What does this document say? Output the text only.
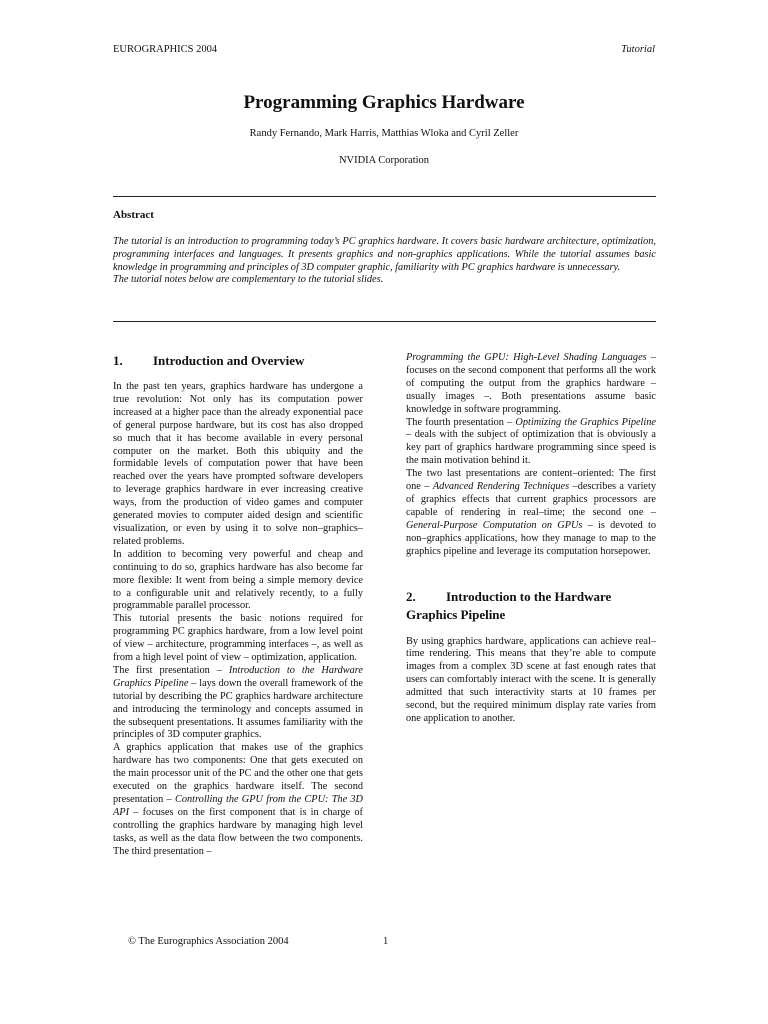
EUROGRAPHICS 2004	Tutorial
Programming Graphics Hardware
Randy Fernando, Mark Harris, Matthias Wloka and Cyril Zeller
NVIDIA Corporation
Abstract

The tutorial is an introduction to programming today’s PC graphics hardware. It covers basic hardware architecture, optimization, programming interfaces and languages. It presents graphics and non-graphics applications. While the tutorial assumes basic knowledge in programming and principles of 3D computer graphic, familiarity with PC graphics hardware is unnecessary.

The tutorial notes below are complementary to the tutorial slides.

1. Introduction and Overview

In the past ten years, graphics hardware has undergone a true revolution: Not only has its computation power increased at a higher pace than the already exponential pace of general purpose hardware, but its cost has also dropped so much that it has become available in every personal computer on the market. Both this ubiquity and the formidable levels of computation power that have been reached over the years have prompted software developers to leverage graphics hardware in ever increasing creative ways, from the production of video games and computer generated movies to computer aided design and scientific visualization, or even by using it to solve non–graphics–related problems.

In addition to becoming very powerful and cheap and continuing to do so, graphics hardware has also become far more flexible: It went from being a simple memory device to a configurable unit and relatively recently, to a fully programmable parallel processor.

This tutorial presents the basic notions required for programming PC graphics hardware, from a low level point of view – architecture, programming interfaces –, as well as from a high level point of view – optimization, application.

The first presentation – Introduction to the Hardware Graphics Pipeline – lays down the overall framework of the tutorial by describing the PC graphics hardware architecture and introducing the terminology and concepts assumed in the subsequent presentations. It assumes familiarity with the principles of 3D computer graphics.

A graphics application that makes use of the graphics hardware has two components: One that gets executed on the main processor unit of the PC and the other one that gets executed on the graphics hardware itself. The second presentation – Controlling the GPU from the CPU: The 3D API – focuses on the first component that is in charge of controlling the graphics hardware by managing high level tasks, as well as the data flow between the two components. The third presentation –

Programming the GPU: High-Level Shading Languages – focuses on the second component that performs all the work of computing the output from the graphics hardware – usually images –. Both presentations assume basic knowledge in software programming.

The fourth presentation – Optimizing the Graphics Pipeline – deals with the subject of optimization that is obviously a key part of graphics hardware programming since speed is the main motivation behind it.

The two last presentations are content–oriented: The first one – Advanced Rendering Techniques –describes a variety of graphics effects that current graphics processors are capable of rendering in real–time; the second one – General-Purpose Computation on GPUs – is devoted to non–graphics applications, how they manage to map to the graphics pipeline and leverage its computation horsepower.

2. Introduction to the Hardware Graphics Pipeline

By using graphics hardware, applications can achieve real–time rendering. This means that they’re able to compute images from a complex 3D scene at fast enough rates that users can comfortably interact with the scene. It is generally admitted that such interactivity starts at 10 frames per second, but the required minimum display rate varies from one application to another.

© The Eurographics Association 2004	1
